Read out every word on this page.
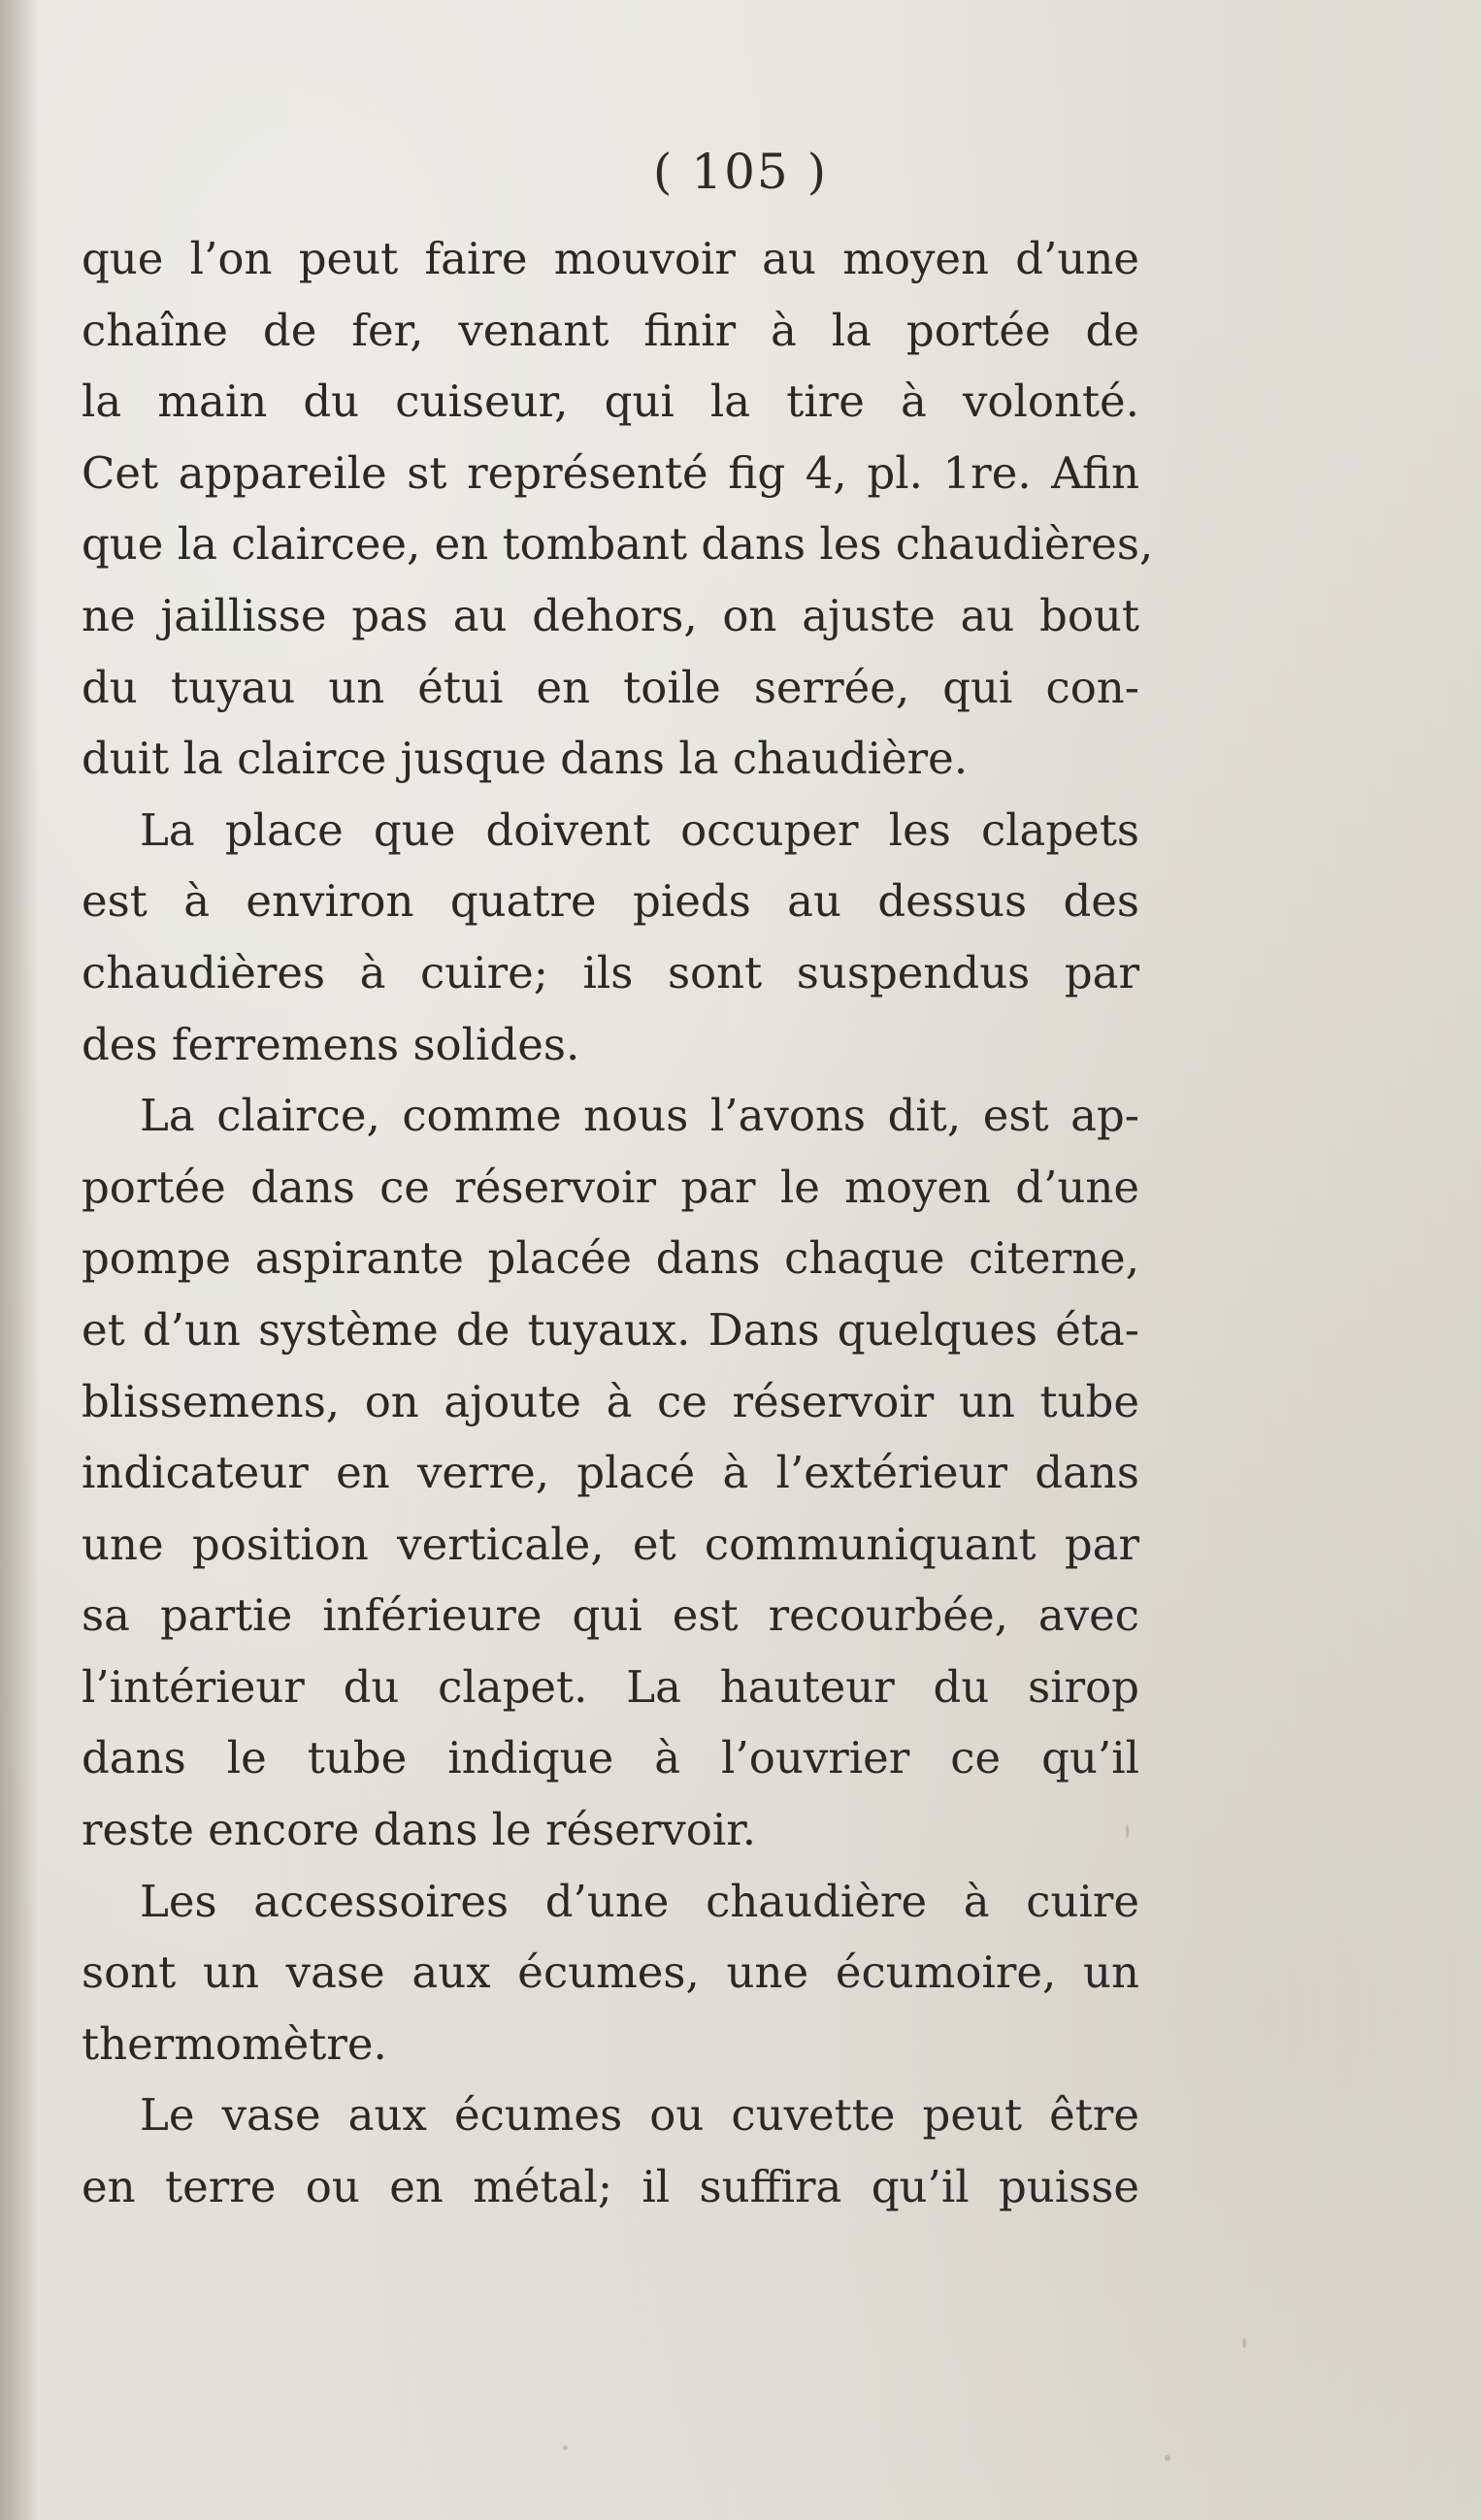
( 105 )
que l’on peut faire mouvoir au moyen d’une
chaîne de fer, venant finir à la portée de
la main du cuiseur, qui la tire à volonté.
Cet appareile st représenté fig 4, pl. 1re. Afin
que la claircee, en tombant dans les chaudières,
ne jaillisse pas au dehors, on ajuste au bout
du tuyau un étui en toile serrée, qui con-
duit la clairce jusque dans la chaudière.
La place que doivent occuper les clapets
est à environ quatre pieds au dessus des
chaudières à cuire; ils sont suspendus par
des ferremens solides.
La clairce, comme nous l’avons dit, est ap-
portée dans ce réservoir par le moyen d’une
pompe aspirante placée dans chaque citerne,
et d’un système de tuyaux. Dans quelques éta-
blissemens, on ajoute à ce réservoir un tube
indicateur en verre, placé à l’extérieur dans
une position verticale, et communiquant par
sa partie inférieure qui est recourbée, avec
l’intérieur du clapet. La hauteur du sirop
dans le tube indique à l’ouvrier ce qu’il
reste encore dans le réservoir.
Les accessoires d’une chaudière à cuire
sont un vase aux écumes, une écumoire, un
thermomètre.
Le vase aux écumes ou cuvette peut être
en terre ou en métal; il suffira qu’il puisse
